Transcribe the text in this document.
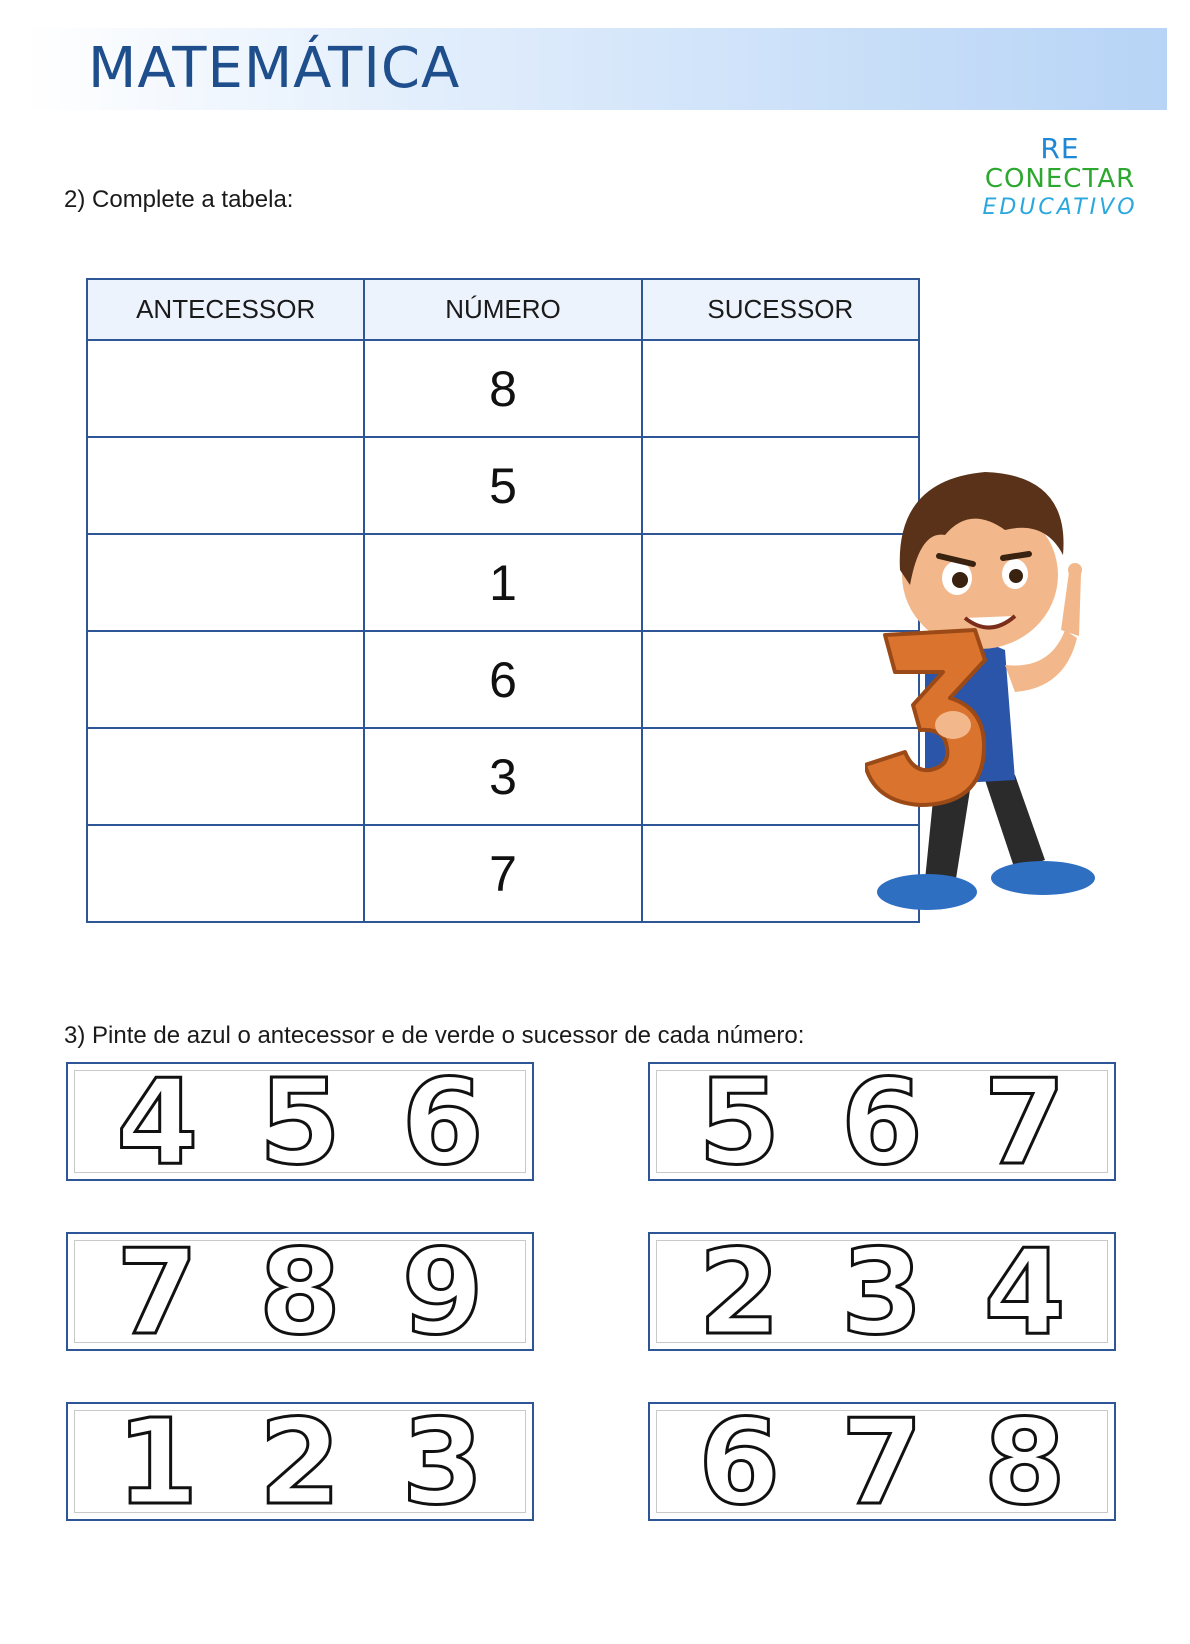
MATEMÁTICA
RE
CONECTAR
EDUCATIVO
2) Complete a tabela:
ANTECESSOR	NÚMERO	SUCESSOR
	8	
	5	
	1	
	6	
	3	
	7	
3) Pinte de azul o antecessor e de verde o sucessor de cada número:
4 5 6 5 6 7
7 8 9 2 3 4
1 2 3 6 7 8
